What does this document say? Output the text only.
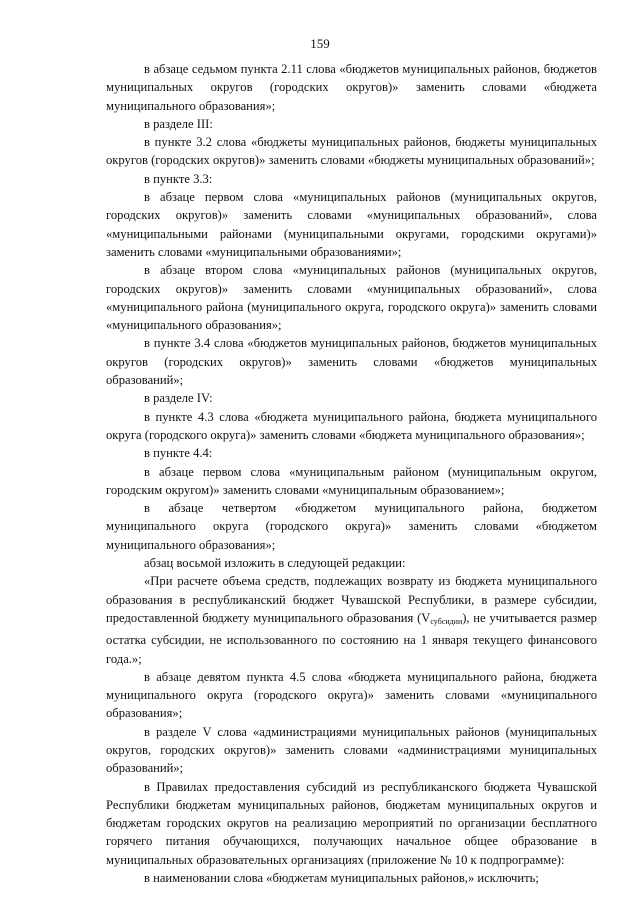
159

в абзаце седьмом пункта 2.11 слова «бюджетов муниципальных районов, бюджетов муниципальных округов (городских округов)» заменить словами «бюджета муниципального образования»;

в разделе III:

в пункте 3.2 слова «бюджеты муниципальных районов, бюджеты муниципальных округов (городских округов)» заменить словами «бюджеты муниципальных образований»;

в пункте 3.3:

в абзаце первом слова «муниципальных районов (муниципальных округов, городских округов)» заменить словами «муниципальных образований», слова «муниципальными районами (муниципальными округами, городскими округами)» заменить словами «муниципальными образованиями»;

в абзаце втором слова «муниципальных районов (муниципальных округов, городских округов)» заменить словами «муниципальных образований», слова «муниципального района (муниципального округа, городского округа)» заменить словами «муниципального образования»;

в пункте 3.4 слова «бюджетов муниципальных районов, бюджетов муниципальных округов (городских округов)» заменить словами «бюджетов муниципальных образований»;

в разделе IV:

в пункте 4.3 слова «бюджета муниципального района, бюджета муниципального округа (городского округа)» заменить словами «бюджета муниципального образования»;

в пункте 4.4:

в абзаце первом слова «муниципальным районом (муниципальным округом, городским округом)» заменить словами «муниципальным образованием»;

в абзаце четвертом «бюджетом муниципального района, бюджетом муниципального округа (городского округа)» заменить словами «бюджетом муниципального образования»;

абзац восьмой изложить в следующей редакции:

«При расчете объема средств, подлежащих возврату из бюджета муниципального образования в республиканский бюджет Чувашской Республики, в размере субсидии, предоставленной бюджету муниципального образования $(V_{субсидии})$, не учитывается размер остатка субсидии, не использованного по состоянию на 1 января текущего финансового года.»;

в абзаце девятом пункта 4.5 слова «бюджета муниципального района, бюджета муниципального округа (городского округа)» заменить словами «муниципального образования»;

в разделе V слова «администрациями муниципальных районов (муниципальных округов, городских округов)» заменить словами «администрациями муниципальных образований»;

в Правилах предоставления субсидий из республиканского бюджета Чувашской Республики бюджетам муниципальных районов, бюджетам муниципальных округов и бюджетам городских округов на реализацию мероприятий по организации бесплатного горячего питания обучающихся, получающих начальное общее образование в муниципальных образовательных организациях (приложение № 10 к подпрограмме):

в наименовании слова «бюджетам муниципальных районов,» исключить;
